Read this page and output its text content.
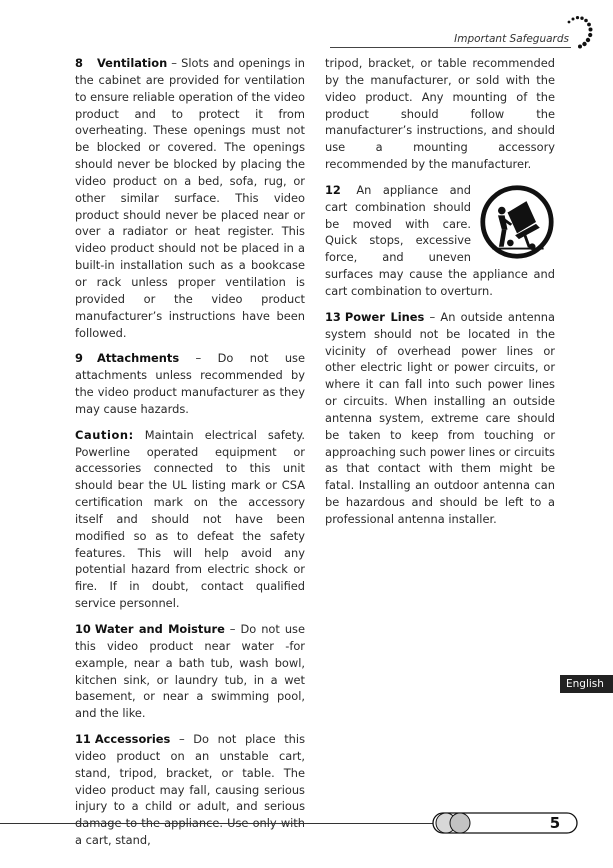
Important Safeguards

8 Ventilation – Slots and openings in the cabinet are provided for ventilation to ensure reliable operation of the video product and to protect it from overheating. These openings must not be blocked or covered. The openings should never be blocked by placing the video product on a bed, sofa, rug, or other similar surface. This video product should never be placed near or over a radiator or heat register. This video product should not be placed in a built-in installation such as a bookcase or rack unless proper ventilation is provided or the video product manufacturer’s instructions have been followed.

9 Attachments – Do not use attachments unless recommended by the video product manufacturer as they may cause hazards.

Caution: Maintain electrical safety. Powerline operated equipment or accessories connected to this unit should bear the UL listing mark or CSA certification mark on the accessory itself and should not have been modified so as to defeat the safety features. This will help avoid any potential hazard from electric shock or fire. If in doubt, contact qualified service personnel.

10 Water and Moisture – Do not use this video product near water -for example, near a bath tub, wash bowl, kitchen sink, or laundry tub, in a wet basement, or near a swimming pool, and the like.

11 Accessories – Do not place this video product on an unstable cart, stand, tripod, bracket, or table. The video product may fall, causing serious injury to a child or adult, and serious damage to the appliance. Use only with a cart, stand,

tripod, bracket, or table recommended by the manufacturer, or sold with the video product. Any mounting of the product should follow the manufacturer’s instructions, and should use a mounting accessory recommended by the manufacturer.

12 An appliance and cart combination should be moved with care. Quick stops, excessive force, and uneven surfaces may cause the appliance and cart combination to overturn.

13 Power Lines – An outside antenna system should not be located in the vicinity of overhead power lines or other electric light or power circuits, or where it can fall into such power lines or circuits. When installing an outside antenna system, extreme care should be taken to keep from touching or approaching such power lines or circuits as that contact with them might be fatal. Installing an outdoor antenna can be hazardous and should be left to a professional antenna installer.

English
5
